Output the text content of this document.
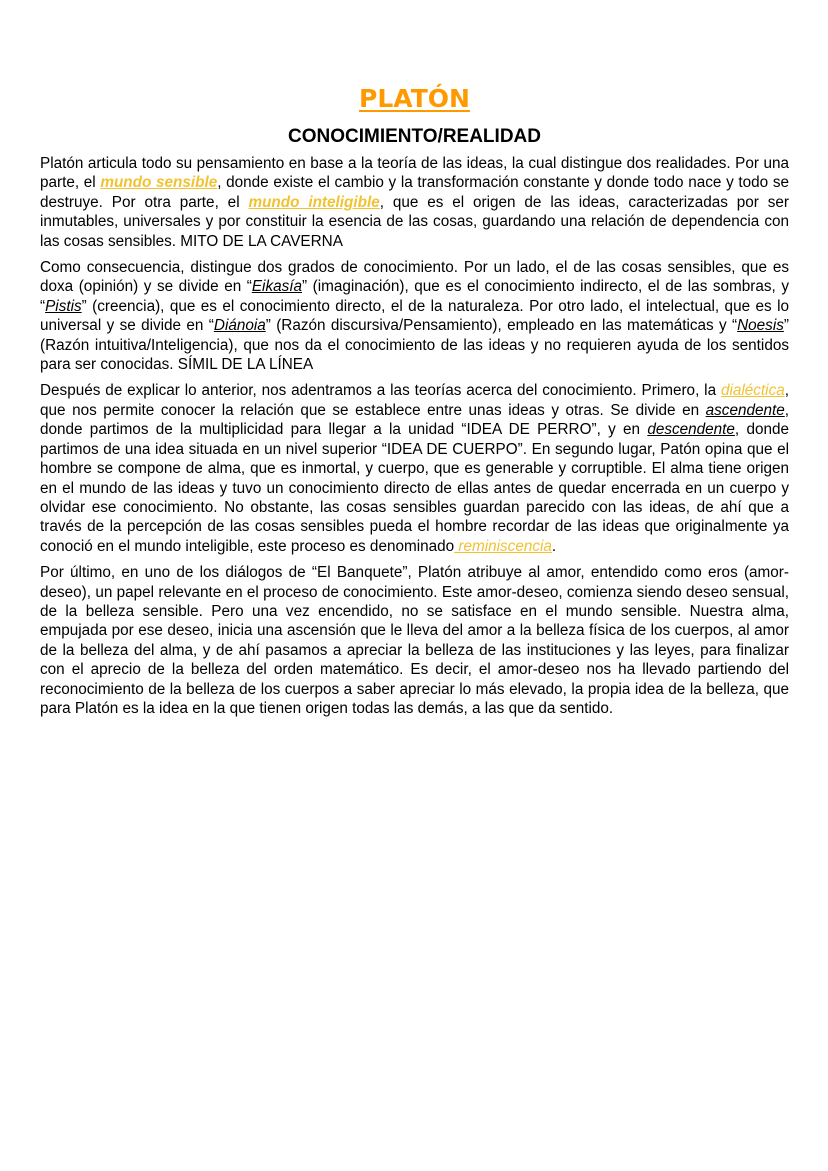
PLATÓN
CONOCIMIENTO/REALIDAD

Platón articula todo su pensamiento en base a la teoría de las ideas, la cual distingue dos realidades. Por una parte, el mundo sensible, donde existe el cambio y la transformación constante y donde todo nace y todo se destruye. Por otra parte, el mundo inteligible, que es el origen de las ideas, caracterizadas por ser inmutables, universales y por constituir la esencia de las cosas, guardando una relación de dependencia con las cosas sensibles. MITO DE LA CAVERNA

Como consecuencia, distingue dos grados de conocimiento. Por un lado, el de las cosas sensibles, que es doxa (opinión) y se divide en “Eikasía” (imaginación), que es el conocimiento indirecto, el de las sombras, y “Pistis” (creencia), que es el conocimiento directo, el de la naturaleza. Por otro lado, el intelectual, que es lo universal y se divide en “Diánoia” (Razón discursiva/Pensamiento), empleado en las matemáticas y “Noesis” (Razón intuitiva/Inteligencia), que nos da el conocimiento de las ideas y no requieren ayuda de los sentidos para ser conocidas. SÍMIL DE LA LÍNEA

Después de explicar lo anterior, nos adentramos a las teorías acerca del conocimiento. Primero, la dialéctica, que nos permite conocer la relación que se establece entre unas ideas y otras. Se divide en ascendente, donde partimos de la multiplicidad para llegar a la unidad “IDEA DE PERRO”, y en descendente, donde partimos de una idea situada en un nivel superior “IDEA DE CUERPO”. En segundo lugar, Patón opina que el hombre se compone de alma, que es inmortal, y cuerpo, que es generable y corruptible. El alma tiene origen en el mundo de las ideas y tuvo un conocimiento directo de ellas antes de quedar encerrada en un cuerpo y olvidar ese conocimiento. No obstante, las cosas sensibles guardan parecido con las ideas, de ahí que a través de la percepción de las cosas sensibles pueda el hombre recordar de las ideas que originalmente ya conoció en el mundo inteligible, este proceso es denominado reminiscencia.

Por último, en uno de los diálogos de “El Banquete”, Platón atribuye al amor, entendido como eros (amor-deseo), un papel relevante en el proceso de conocimiento. Este amor-deseo, comienza siendo deseo sensual, de la belleza sensible. Pero una vez encendido, no se satisface en el mundo sensible. Nuestra alma, empujada por ese deseo, inicia una ascensión que le lleva del amor a la belleza física de los cuerpos, al amor de la belleza del alma, y de ahí pasamos a apreciar la belleza de las instituciones y las leyes, para finalizar con el aprecio de la belleza del orden matemático. Es decir, el amor-deseo nos ha llevado partiendo del reconocimiento de la belleza de los cuerpos a saber apreciar lo más elevado, la propia idea de la belleza, que para Platón es la idea en la que tienen origen todas las demás, a las que da sentido.
